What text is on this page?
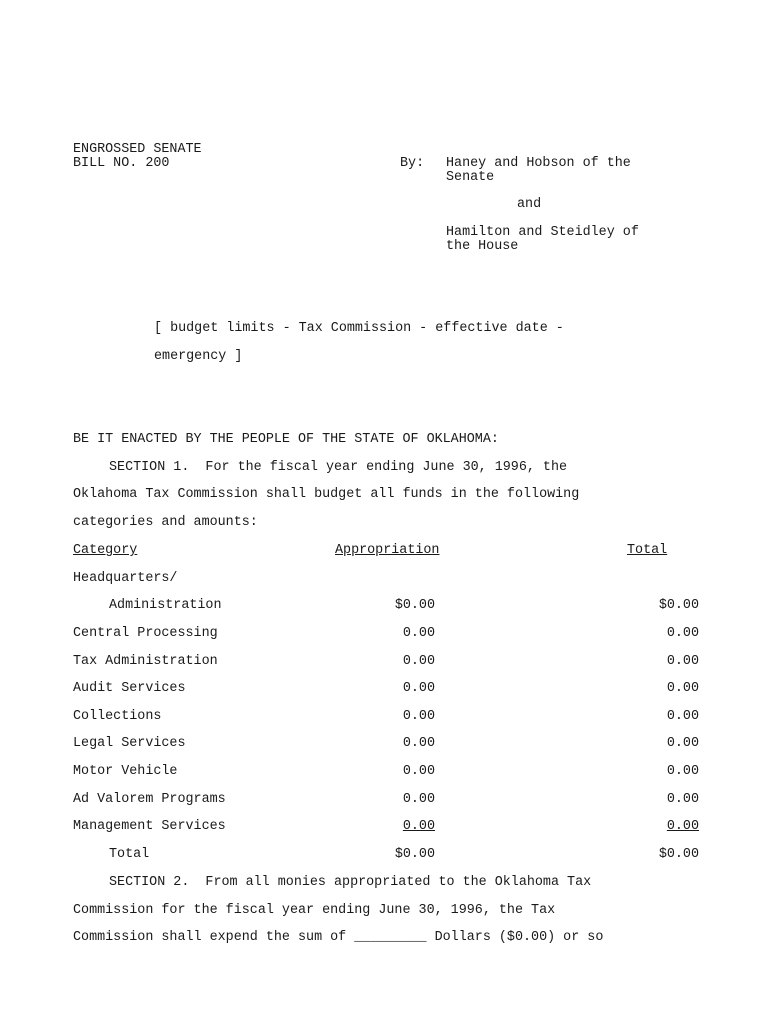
ENGROSSED SENATE
BILL NO. 200	By: Haney and Hobson of the
Senate
and
Hamilton and Steidley of
the House
[ budget limits - Tax Commission - effective date -
emergency ]
BE IT ENACTED BY THE PEOPLE OF THE STATE OF OKLAHOMA:
SECTION 1.  For the fiscal year ending June 30, 1996, the
Oklahoma Tax Commission shall budget all funds in the following
categories and amounts:
Category	Appropriation	Total
Headquarters/
Administration	$0.00	$0.00
Central Processing	0.00	0.00
Tax Administration	0.00	0.00
Audit Services	0.00	0.00
Collections	0.00	0.00
Legal Services	0.00	0.00
Motor Vehicle	0.00	0.00
Ad Valorem Programs	0.00	0.00
Management Services	0.00	0.00
Total	$0.00	$0.00
SECTION 2.  From all monies appropriated to the Oklahoma Tax
Commission for the fiscal year ending June 30, 1996, the Tax
Commission shall expend the sum of _________ Dollars ($0.00) or so
